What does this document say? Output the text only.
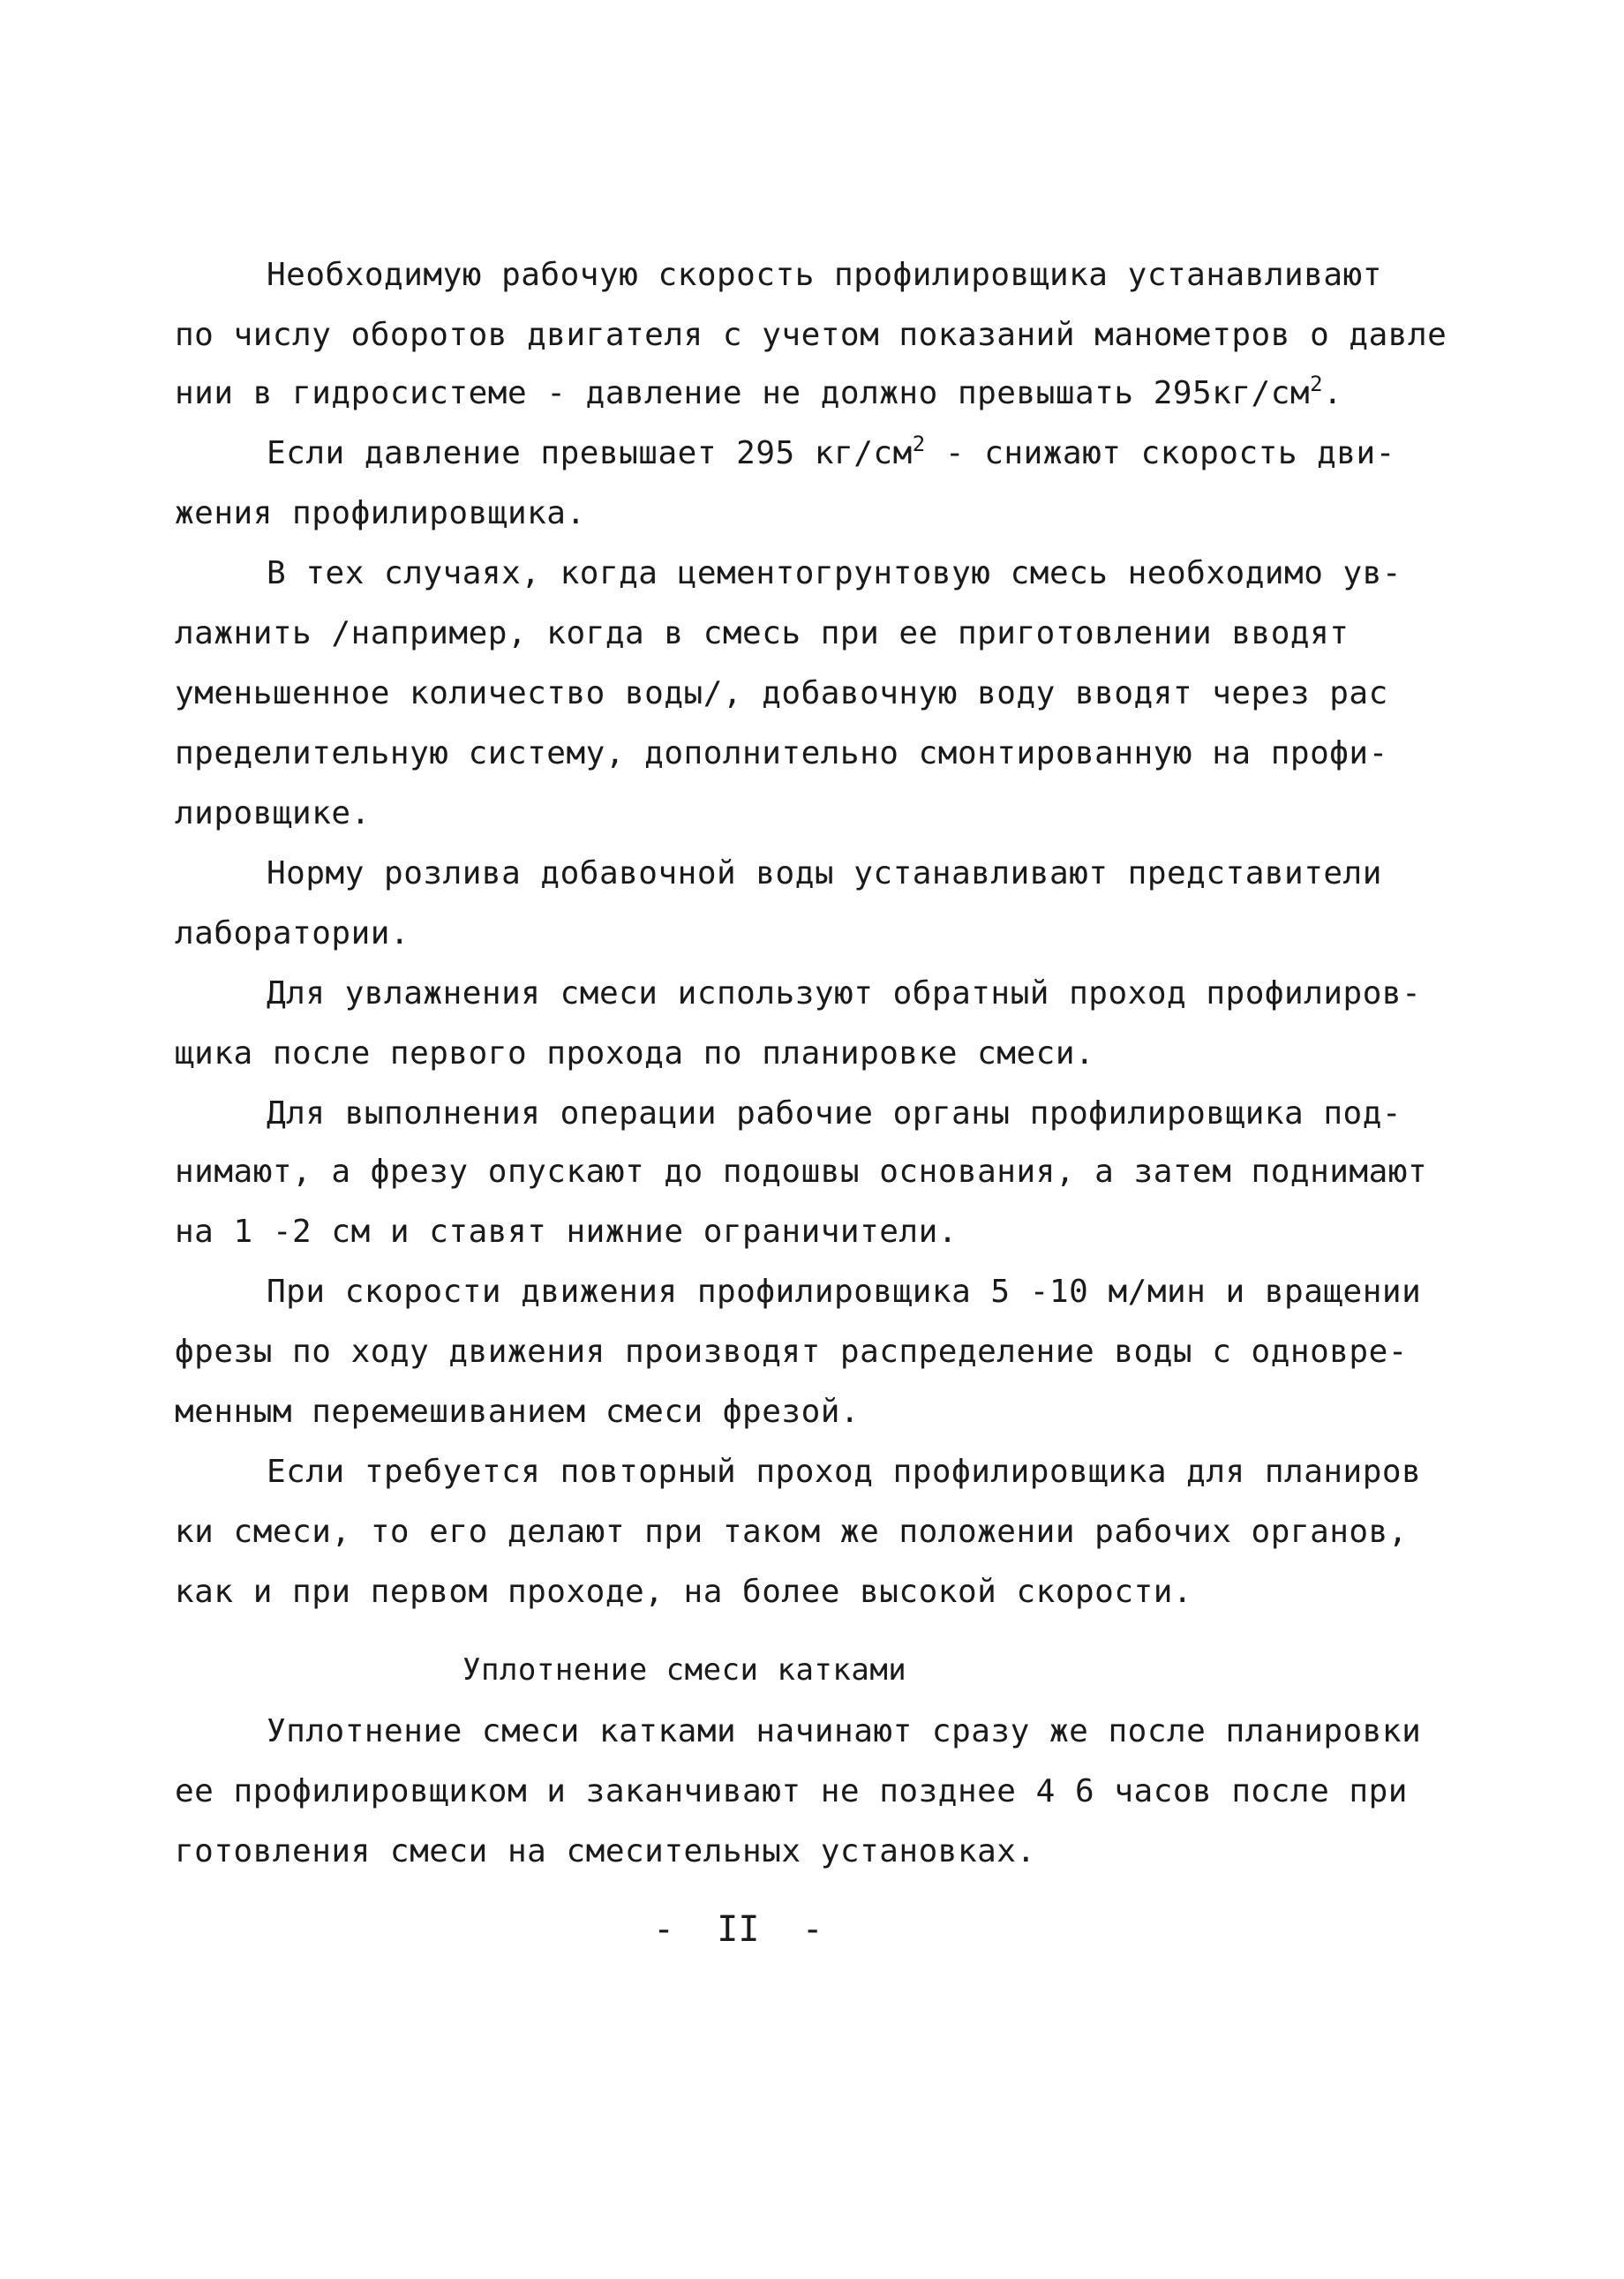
Необходимую рабочую скорость профилировщика устанавливают
по числу оборотов двигателя с учетом показаний манометров о давле
нии в гидросистеме - давление не должно превышать $295кг/см^2$.
Если давление превышает 295 $кг/см^2$ - снижают скорость дви-
жения профилировщика.
В тех случаях, когда цементогрунтовую смесь необходимо ув-
лажнить /например, когда в смесь при ее приготовлении вводят
уменьшенное количество воды/, добавочную воду вводят через рас
пределительную систему, дополнительно смонтированную на профи-
лировщике.
Норму розлива добавочной воды устанавливают представители
лаборатории.
Для увлажнения смеси используют обратный проход профилиров-
щика после первого прохода по планировке смеси.
Для выполнения операции рабочие органы профилировщика под-
нимают, а фрезу опускают до подошвы основания, а затем поднимают
на 1 -2 см и ставят нижние ограничители.
При скорости движения профилировщика 5 -10 м/мин и вращении
фрезы по ходу движения производят распределение воды с одновре-
менным перемешиванием смеси фрезой.
Если требуется повторный проход профилировщика для планиров
ки смеси, то его делают при таком же положении рабочих органов,
как и при первом проходе, на более высокой скорости.
Уплотнение смеси катками
Уплотнение смеси катками начинают сразу же после планировки
ее профилировщиком и заканчивают не позднее 4 6 часов после при
готовления смеси на смесительных установках.
-  II  -
